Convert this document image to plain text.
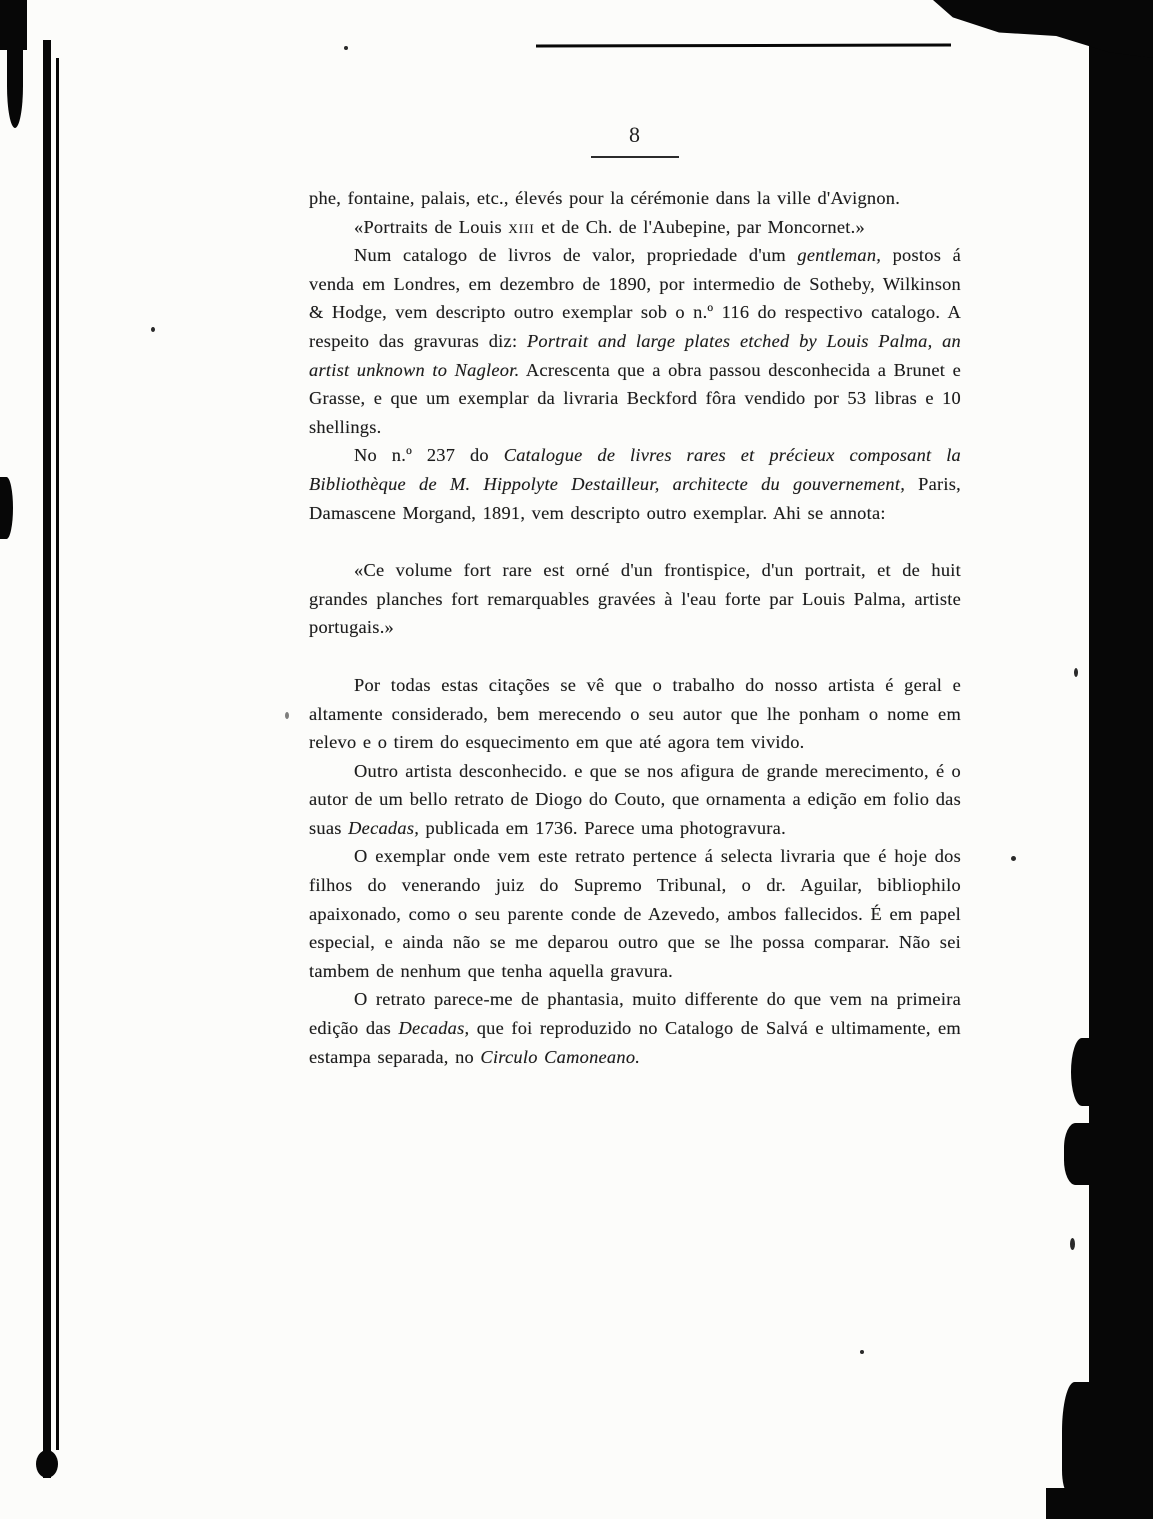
8

phe, fontaine, palais, etc., élevés pour la cérémonie dans la ville d'Avignon.

«Portraits de Louis xiii et de Ch. de l'Aubepine, par Moncornet.»

Num catalogo de livros de valor, propriedade d'um gentleman, postos á venda em Londres, em dezembro de 1890, por intermedio de Sotheby, Wilkinson & Hodge, vem descripto outro exemplar sob o n.º 116 do respectivo catalogo. A respeito das gravuras diz: Portrait and large plates etched by Louis Palma, an artist unknown to Nagleor. Acrescenta que a obra passou desconhecida a Brunet e Grasse, e que um exemplar da livraria Beckford fôra vendido por 53 libras e 10 shellings.

No n.º 237 do Catalogue de livres rares et précieux composant la Bibliothèque de M. Hippolyte Destailleur, architecte du gouvernement, Paris, Damascene Morgand, 1891, vem descripto outro exemplar. Ahi se annota:

«Ce volume fort rare est orné d'un frontispice, d'un portrait, et de huit grandes planches fort remarquables gravées à l'eau forte par Louis Palma, artiste portugais.»

Por todas estas citações se vê que o trabalho do nosso artista é geral e altamente considerado, bem merecendo o seu autor que lhe ponham o nome em relevo e o tirem do esquecimento em que até agora tem vivido.

Outro artista desconhecido. e que se nos afigura de grande merecimento, é o autor de um bello retrato de Diogo do Couto, que ornamenta a edição em folio das suas Decadas, publicada em 1736. Parece uma photogravura.

O exemplar onde vem este retrato pertence á selecta livraria que é hoje dos filhos do venerando juiz do Supremo Tribunal, o dr. Aguilar, bibliophilo apaixonado, como o seu parente conde de Azevedo, ambos fallecidos. É em papel especial, e ainda não se me deparou outro que se lhe possa comparar. Não sei tambem de nenhum que tenha aquella gravura.

O retrato parece-me de phantasia, muito differente do que vem na primeira edição das Decadas, que foi reproduzido no Catalogo de Salvá e ultimamente, em estampa separada, no Circulo Camoneano.
